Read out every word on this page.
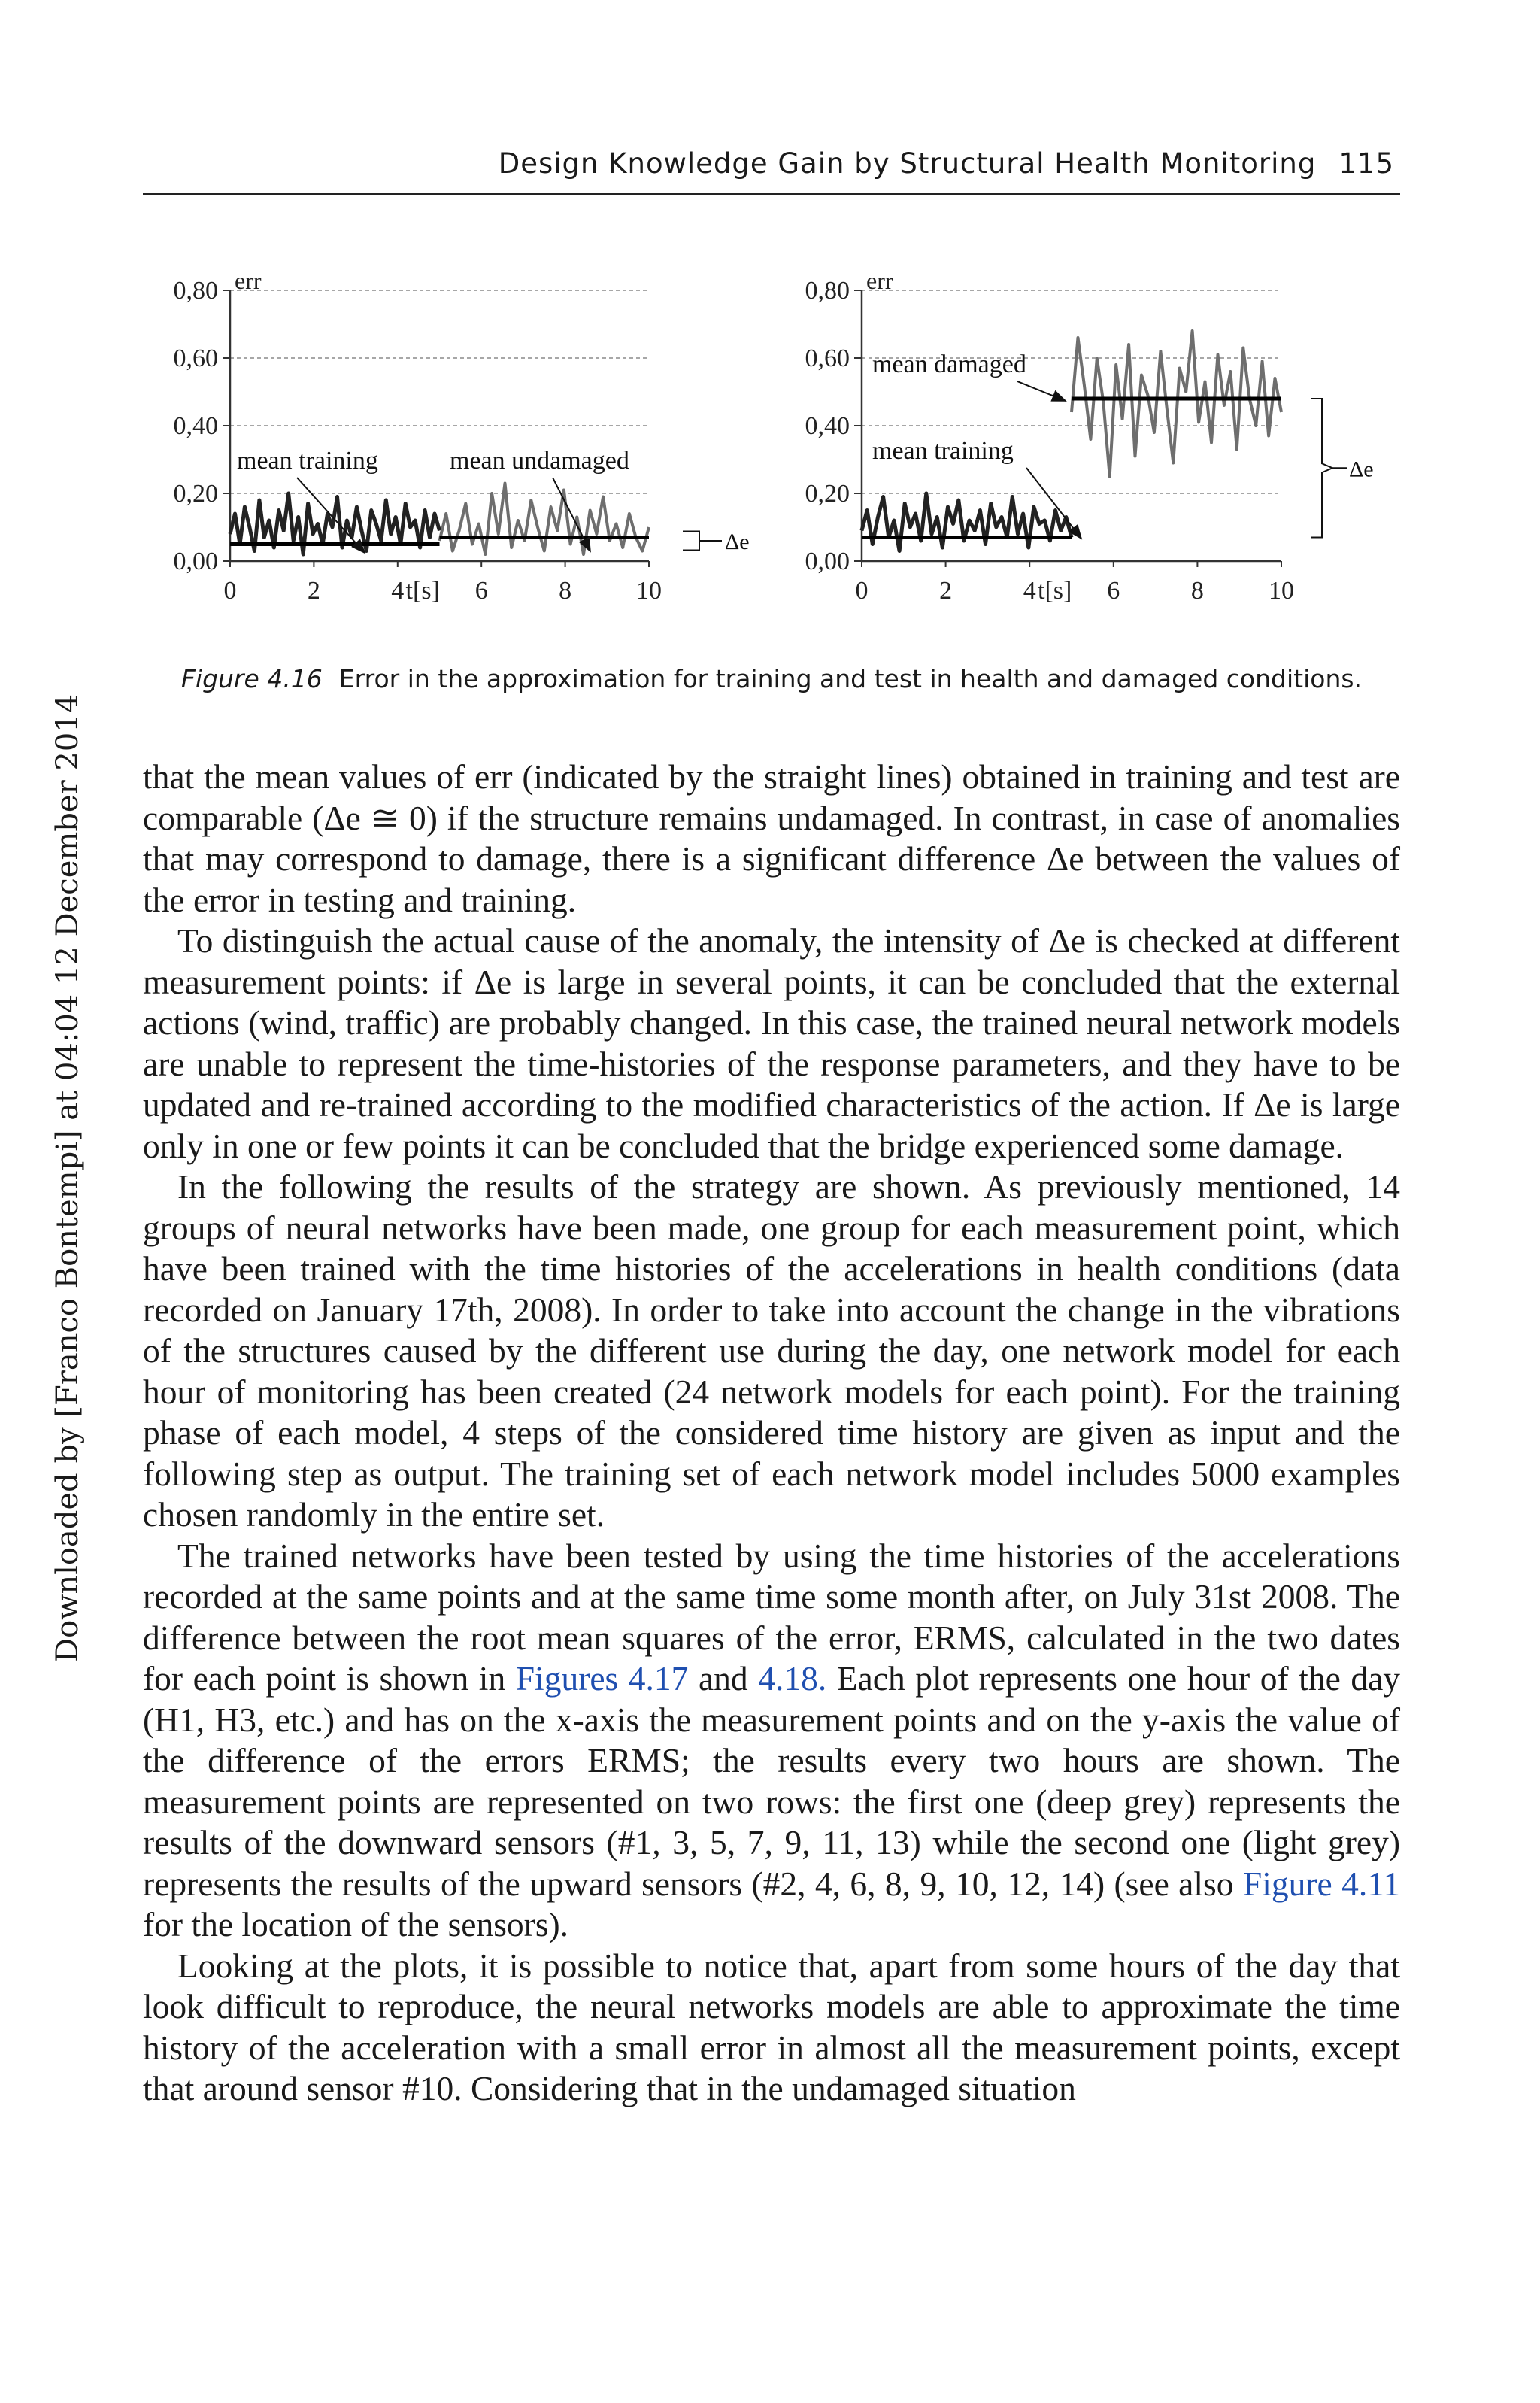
Design Knowledge Gain by Structural Health Monitoring 115
Downloaded by [Franco Bontempi] at 04:04 12 December 2014
0,00
0,20
0,40
0,60
0,80 err
0	2	4	6	8	10
t[s]
mean training	mean undamaged
Δe
0,00
0,20
0,40
0,60
0,80 err
0	2	4	6	8	10
t[s]
mean training
mean damaged
Δe
Figure 4.16 Error in the approximation for training and test in health and damaged conditions.

that the mean values of err (indicated by the straight lines) obtained in training and test are comparable (Δe ≅ 0) if the structure remains undamaged. In contrast, in case of anomalies that may correspond to damage, there is a significant difference Δe between the values of the error in testing and training.

To distinguish the actual cause of the anomaly, the intensity of Δe is checked at different measurement points: if Δe is large in several points, it can be concluded that the external actions (wind, traffic) are probably changed. In this case, the trained neural network models are unable to represent the time-histories of the response parameters, and they have to be updated and re-trained according to the modified characteristics of the action. If Δe is large only in one or few points it can be concluded that the bridge experienced some damage.

In the following the results of the strategy are shown. As previously mentioned, 14 groups of neural networks have been made, one group for each measurement point, which have been trained with the time histories of the accelerations in health conditions (data recorded on January 17th, 2008). In order to take into account the change in the vibrations of the structures caused by the different use during the day, one network model for each hour of monitoring has been created (24 network models for each point). For the training phase of each model, 4 steps of the considered time history are given as input and the following step as output. The training set of each network model includes 5000 examples chosen randomly in the entire set.

The trained networks have been tested by using the time histories of the accelerations recorded at the same points and at the same time some month after, on July 31st 2008. The difference between the root mean squares of the error, ERMS, calculated in the two dates for each point is shown in Figures 4.17 and 4.18. Each plot represents one hour of the day (H1, H3, etc.) and has on the x-axis the measurement points and on the y-axis the value of the difference of the errors ERMS; the results every two hours are shown. The measurement points are represented on two rows: the first one (deep grey) represents the results of the downward sensors (#1, 3, 5, 7, 9, 11, 13) while the second one (light grey) represents the results of the upward sensors (#2, 4, 6, 8, 9, 10, 12, 14) (see also Figure 4.11 for the location of the sensors).

Looking at the plots, it is possible to notice that, apart from some hours of the day that look difficult to reproduce, the neural networks models are able to approximate the time history of the acceleration with a small error in almost all the measurement points, except that around sensor #10. Considering that in the undamaged situation
